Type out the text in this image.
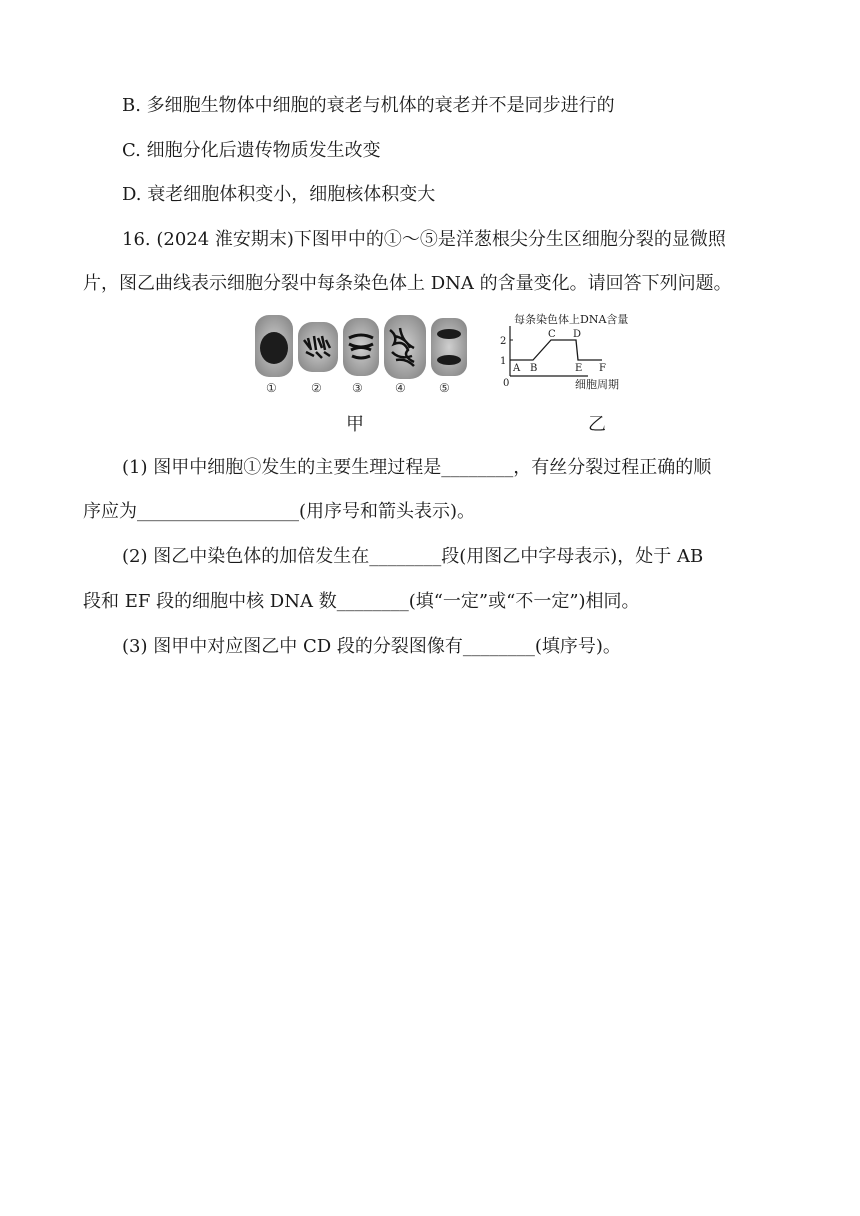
B. 多细胞生物体中细胞的衰老与机体的衰老并不是同步进行的
C. 细胞分化后遗传物质发生改变
D. 衰老细胞体积变小，细胞核体积变大
16. (2024 淮安期末)下图甲中的①～⑤是洋葱根尖分生区细胞分裂的显微照
片，图乙曲线表示细胞分裂中每条染色体上 DNA 的含量变化。请回答下列问题。
①	②	③	④	⑤
甲
每条染色体上DNA含量
0	细胞周期
1
2
A B
C D
E F
乙
(1) 图甲中细胞①发生的主要生理过程是________，有丝分裂过程正确的顺
序应为__________________(用序号和箭头表示)。
(2) 图乙中染色体的加倍发生在________段(用图乙中字母表示)，处于 AB
段和 EF 段的细胞中核 DNA 数________(填“一定”或“不一定”)相同。
(3) 图甲中对应图乙中 CD 段的分裂图像有________(填序号)。
